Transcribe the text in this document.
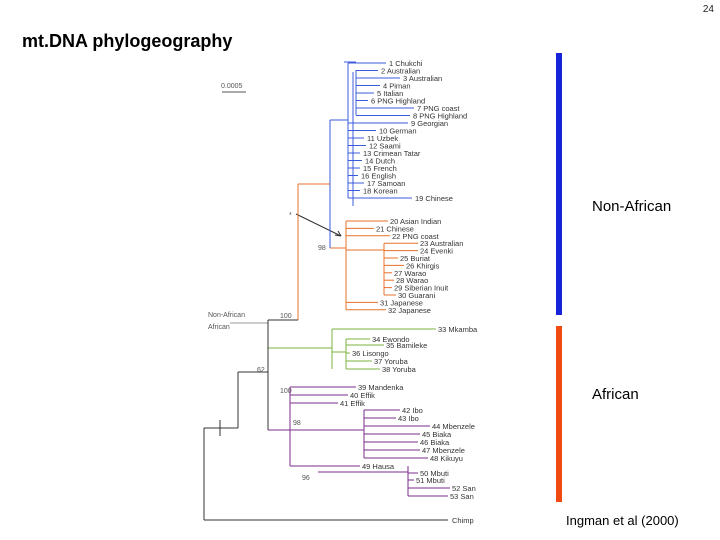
24
mt.DNA phylogeography
0.0005
1 Chukchi
2 Australian
3 Australian
4 Piman
5 Italian
6 PNG Highland
7 PNG coast
8 PNG Highland
9 Georgian
10 German
11 Uzbek
12 Saami
13 Crimean Tatar
14 Dutch
15 French
16 English
17 Samoan
18 Korean
19 Chinese
20 Asian Indian
21 Chinese
22 PNG coast
23 Australian
24 Evenki
25 Buriat
26 Khirgis
27 Warao
28 Warao
29 Siberian Inuit
30 Guarani
31 Japanese
32 Japanese
98
*
100
Non-African
African	33 Mkamba
34 Ewondo
35 Bamileke
36 Lisongo
37 Yoruba
38 Yoruba
62
39 Mandenka
40 Effik
41 Effik
42 Ibo
43 Ibo
44 Mbenzele
45 Biaka
46 Biaka
47 Mbenzele
48 Kikuyu
49 Hausa
50 Mbuti
51 Mbuti
52 San
53 San
100
98
96
Chimp
Non-African
African
Ingman et al (2000)
